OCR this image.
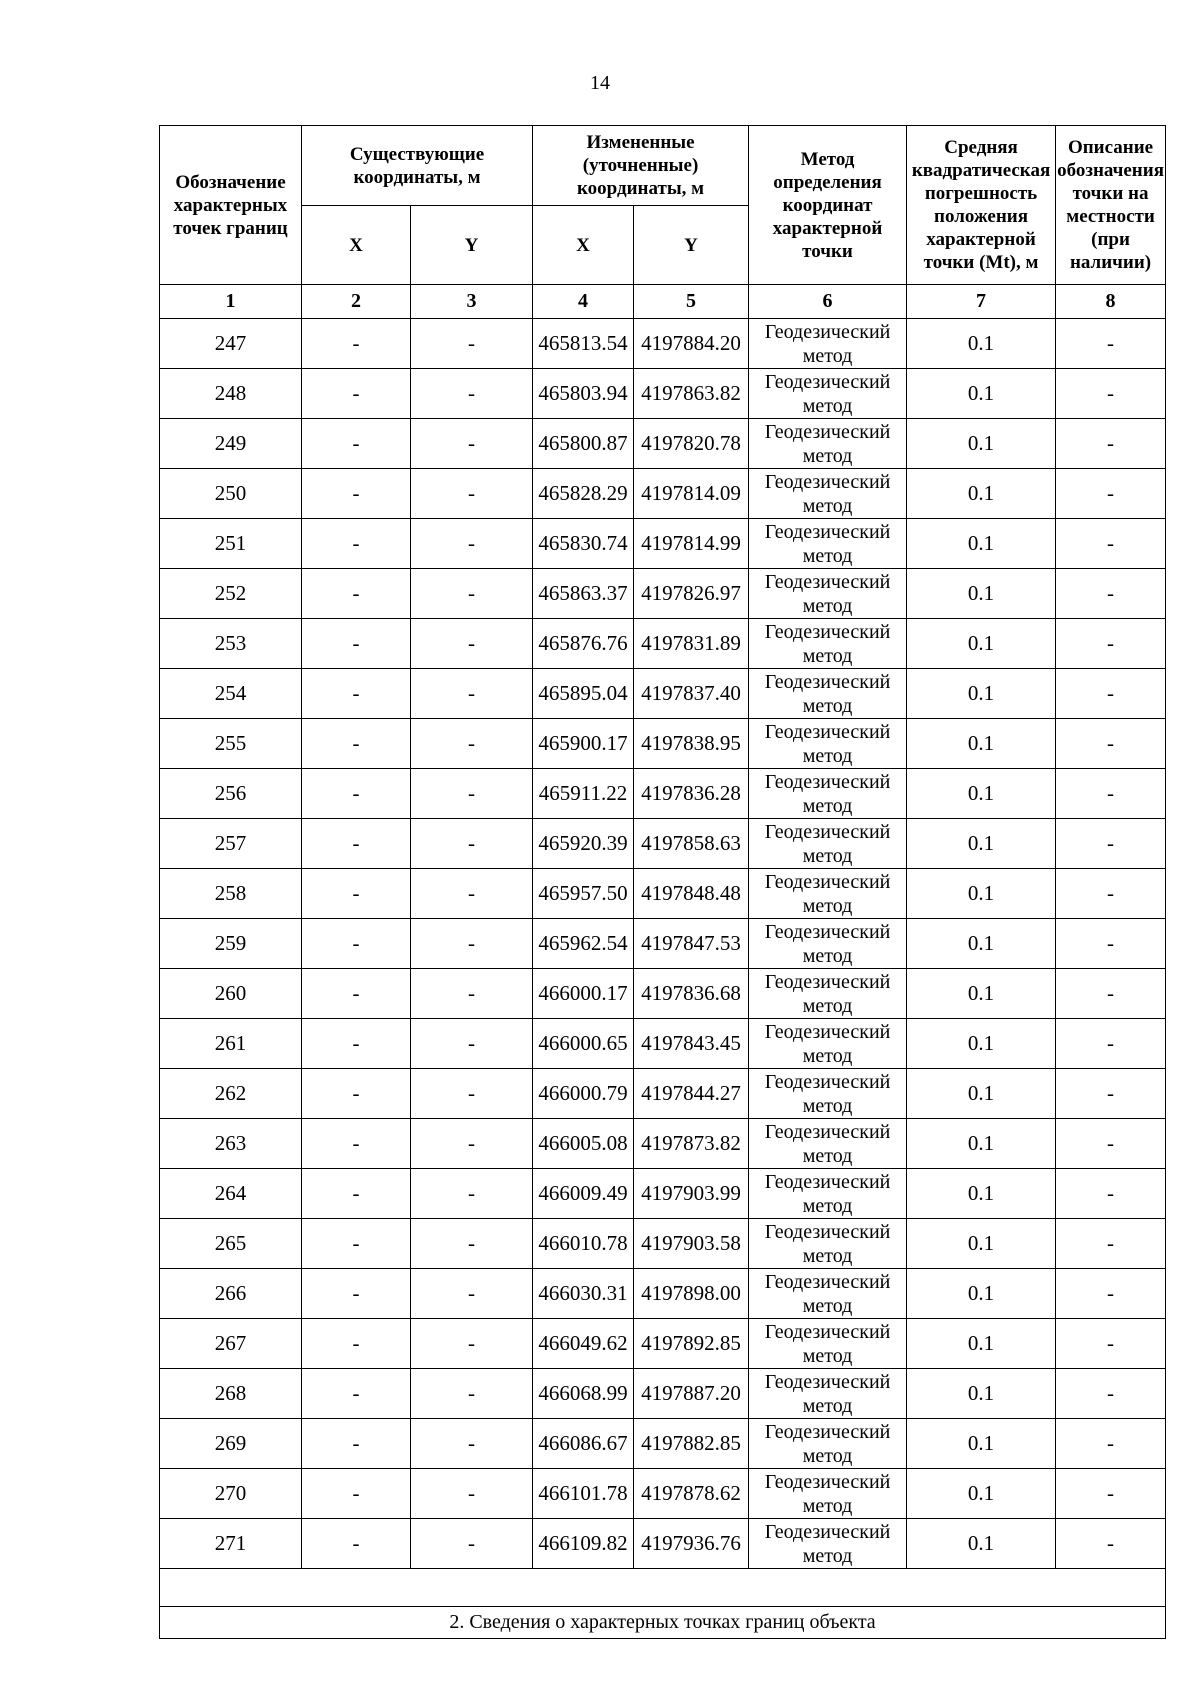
14
Обозначение характерных точек границ	Существующие координаты, м		Измененные (уточненные) координаты, м		Метод определения координат характерной точки	Средняя квадратическая погрешность положения характерной точки (Mt), м	Описание обозначения точки на местности (при наличии)

	X	Y	X	Y			
1	2	3	4	5	6	7	8
247	-	-	465813.54	4197884.20	Геодезический метод	0.1	-
248	-	-	465803.94	4197863.82	Геодезический метод	0.1	-
249	-	-	465800.87	4197820.78	Геодезический метод	0.1	-
250	-	-	465828.29	4197814.09	Геодезический метод	0.1	-
251	-	-	465830.74	4197814.99	Геодезический метод	0.1	-
252	-	-	465863.37	4197826.97	Геодезический метод	0.1	-
253	-	-	465876.76	4197831.89	Геодезический метод	0.1	-
254	-	-	465895.04	4197837.40	Геодезический метод	0.1	-
255	-	-	465900.17	4197838.95	Геодезический метод	0.1	-
256	-	-	465911.22	4197836.28	Геодезический метод	0.1	-
257	-	-	465920.39	4197858.63	Геодезический метод	0.1	-
258	-	-	465957.50	4197848.48	Геодезический метод	0.1	-
259	-	-	465962.54	4197847.53	Геодезический метод	0.1	-
260	-	-	466000.17	4197836.68	Геодезический метод	0.1	-
261	-	-	466000.65	4197843.45	Геодезический метод	0.1	-
262	-	-	466000.79	4197844.27	Геодезический метод	0.1	-
263	-	-	466005.08	4197873.82	Геодезический метод	0.1	-
264	-	-	466009.49	4197903.99	Геодезический метод	0.1	-
265	-	-	466010.78	4197903.58	Геодезический метод	0.1	-
266	-	-	466030.31	4197898.00	Геодезический метод	0.1	-
267	-	-	466049.62	4197892.85	Геодезический метод	0.1	-
268	-	-	466068.99	4197887.20	Геодезический метод	0.1	-
269	-	-	466086.67	4197882.85	Геодезический метод	0.1	-
270	-	-	466101.78	4197878.62	Геодезический метод	0.1	-
271	-	-	466109.82	4197936.76	Геодезический метод	0.1	-

2. Сведения о характерных точках границ объекта							
